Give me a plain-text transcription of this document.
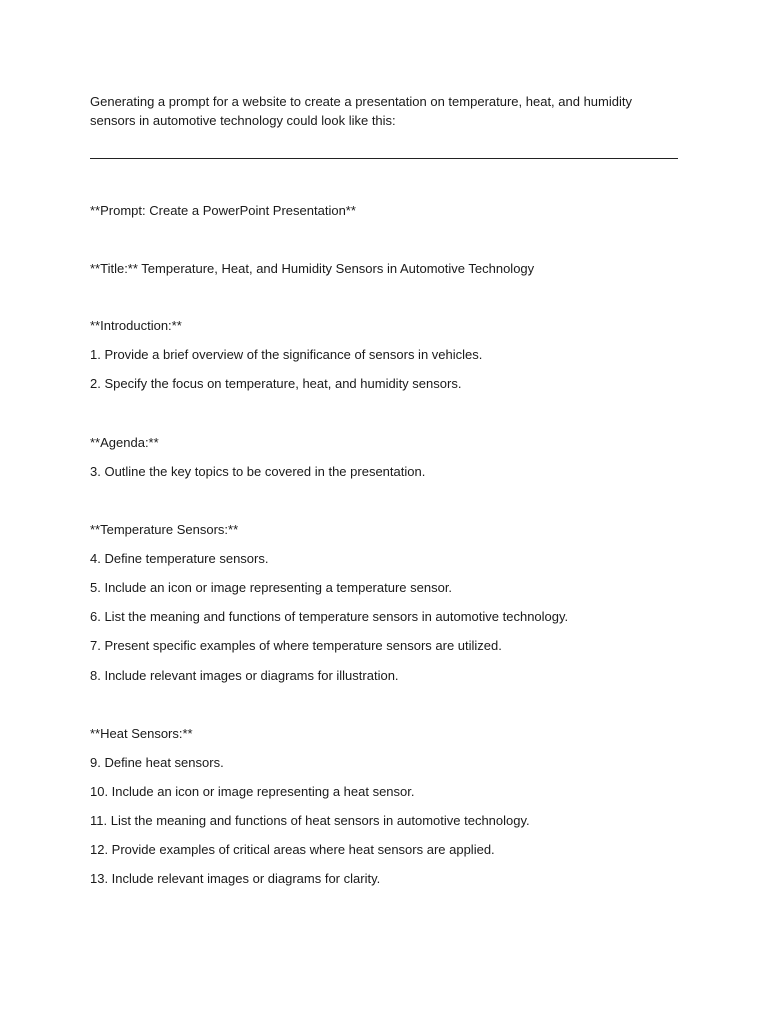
Generating a prompt for a website to create a presentation on temperature, heat, and humidity sensors in automotive technology could look like this:

**Prompt: Create a PowerPoint Presentation**

**Title:** Temperature, Heat, and Humidity Sensors in Automotive Technology

**Introduction:**

1. Provide a brief overview of the significance of sensors in vehicles.

2. Specify the focus on temperature, heat, and humidity sensors.

**Agenda:**

3. Outline the key topics to be covered in the presentation.

**Temperature Sensors:**

4. Define temperature sensors.

5. Include an icon or image representing a temperature sensor.

6. List the meaning and functions of temperature sensors in automotive technology.

7. Present specific examples of where temperature sensors are utilized.

8. Include relevant images or diagrams for illustration.

**Heat Sensors:**

9. Define heat sensors.

10. Include an icon or image representing a heat sensor.

11. List the meaning and functions of heat sensors in automotive technology.

12. Provide examples of critical areas where heat sensors are applied.

13. Include relevant images or diagrams for clarity.
